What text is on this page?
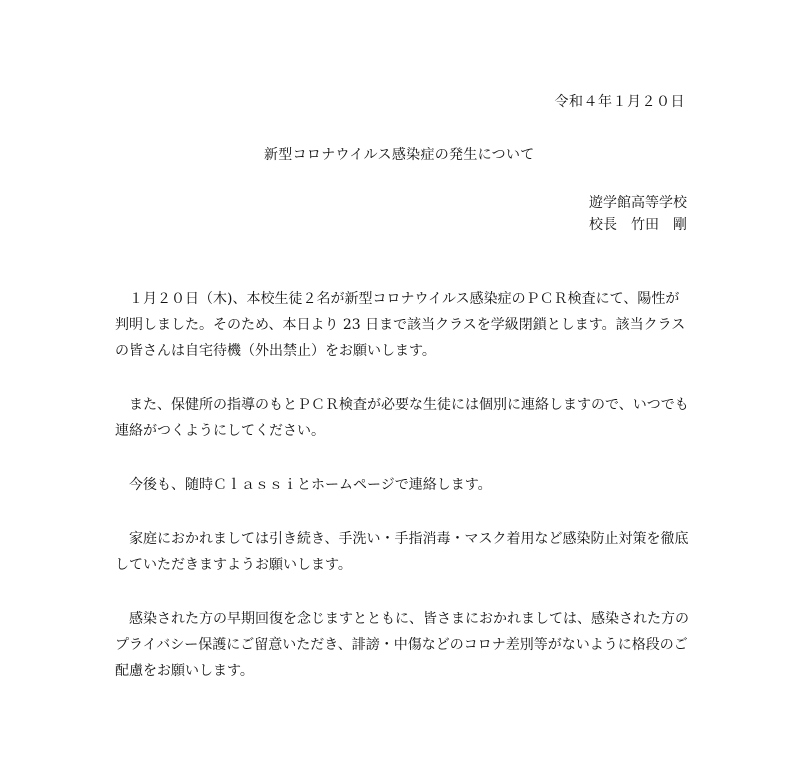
令和４年１月２０日
新型コロナウイルス感染症の発生について
遊学館高等学校
校長 竹田　剛

　１月２０日（木)、本校生徒２名が新型コロナウイルス感染症のＰＣＲ検査にて、陽性が
判明しました。そのため、本日より 23 日まで該当クラスを学級閉鎖とします。該当クラス
の皆さんは自宅待機（外出禁止）をお願いします。

　また、保健所の指導のもとＰＣＲ検査が必要な生徒には個別に連絡しますので、いつでも
連絡がつくようにしてください。

　今後も、随時Ｃｌａｓｓｉとホームページで連絡します。

　家庭におかれましては引き続き、手洗い・手指消毒・マスク着用など感染防止対策を徹底
していただきますようお願いします。

　感染された方の早期回復を念じますとともに、皆さまにおかれましては、感染された方の
プライバシー保護にご留意いただき、誹謗・中傷などのコロナ差別等がないように格段のご
配慮をお願いします。
